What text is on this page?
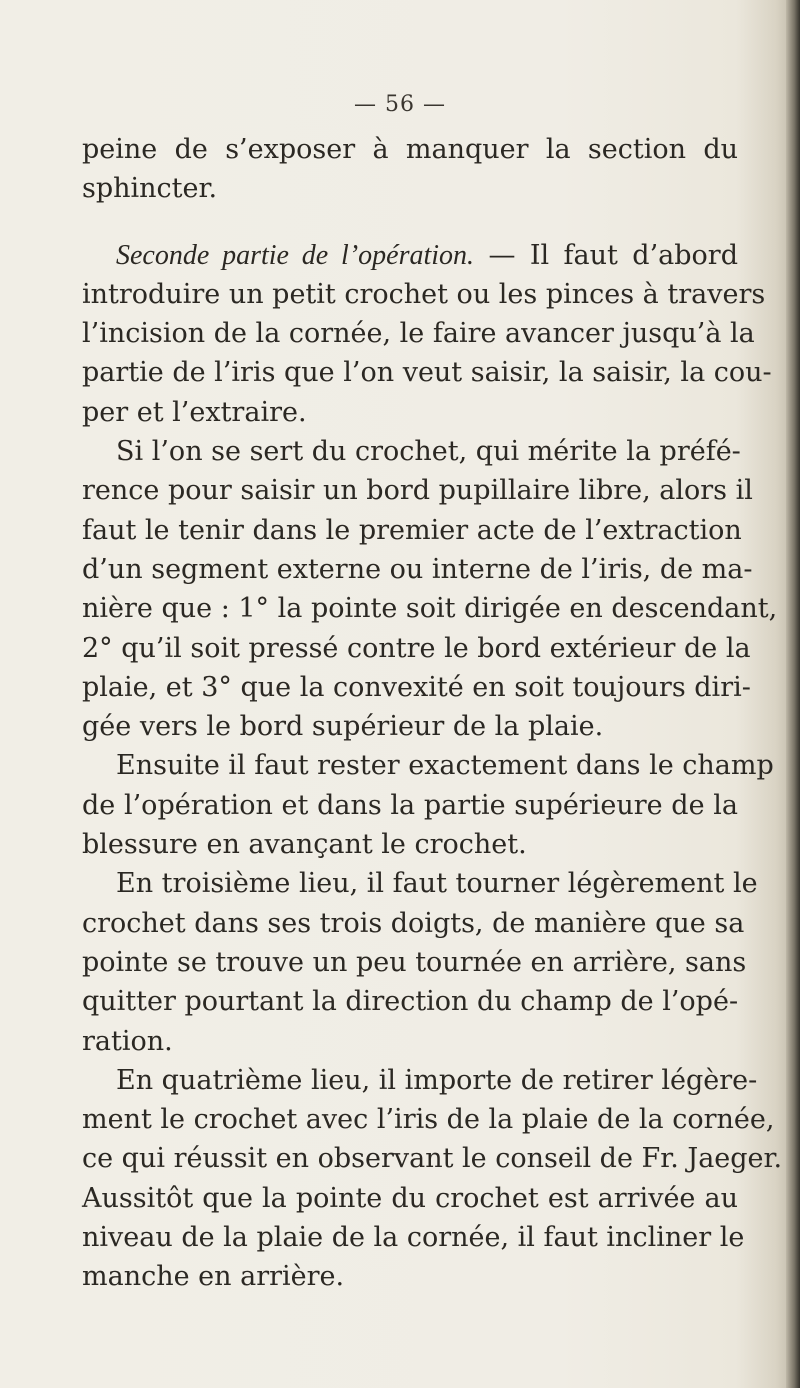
— 56 —
peine de s’exposer à manquer la section du
sphincter.
Seconde partie de l’opération. — Il faut d’abord
introduire un petit crochet ou les pinces à travers
l’incision de la cornée, le faire avancer jusqu’à la
partie de l’iris que l’on veut saisir, la saisir, la cou-
per et l’extraire.
Si l’on se sert du crochet, qui mérite la préfé-
rence pour saisir un bord pupillaire libre, alors il
faut le tenir dans le premier acte de l’extraction
d’un segment externe ou interne de l’iris, de ma-
nière que : 1° la pointe soit dirigée en descendant,
2° qu’il soit pressé contre le bord extérieur de la
plaie, et 3° que la convexité en soit toujours diri-
gée vers le bord supérieur de la plaie.
Ensuite il faut rester exactement dans le champ
de l’opération et dans la partie supérieure de la
blessure en avançant le crochet.
En troisième lieu, il faut tourner légèrement le
crochet dans ses trois doigts, de manière que sa
pointe se trouve un peu tournée en arrière, sans
quitter pourtant la direction du champ de l’opé-
ration.
En quatrième lieu, il importe de retirer légère-
ment le crochet avec l’iris de la plaie de la cornée,
ce qui réussit en observant le conseil de Fr. Jaeger.
Aussitôt que la pointe du crochet est arrivée au
niveau de la plaie de la cornée, il faut incliner le
manche en arrière.
